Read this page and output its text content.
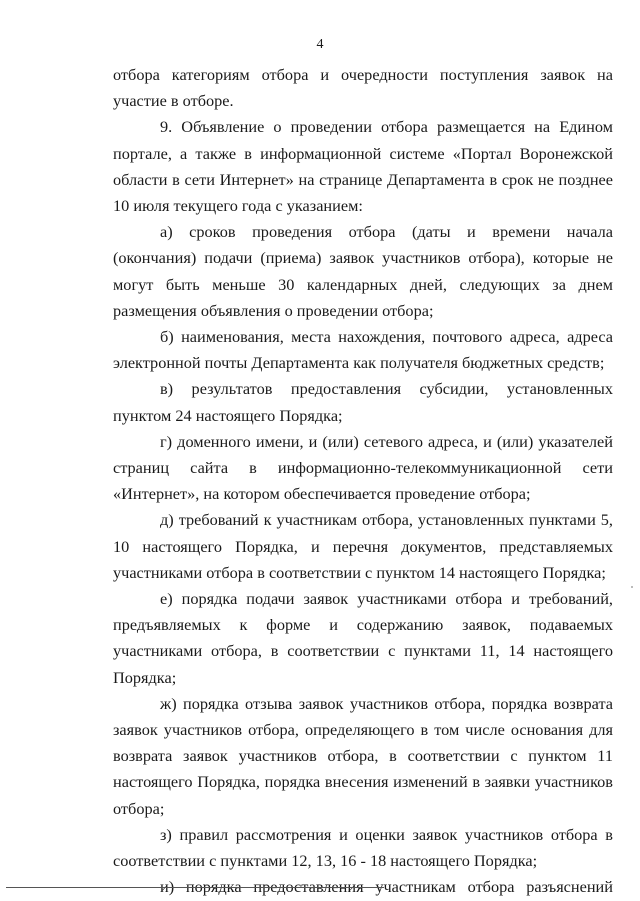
4

отбора категориям отбора и очередности поступления заявок на участие в отборе.

9. Объявление о проведении отбора размещается на Едином портале, а также в информационной системе «Портал Воронежской области в сети Интернет» на странице Департамента в срок не позднее 10 июля текущего года с указанием:

а) сроков проведения отбора (даты и времени начала (окончания) подачи (приема) заявок участников отбора), которые не могут быть меньше 30 календарных дней, следующих за днем размещения объявления о проведении отбора;

б) наименования, места нахождения, почтового адреса, адреса электронной почты Департамента как получателя бюджетных средств;

в) результатов предоставления субсидии, установленных пунктом 24 настоящего Порядка;

г) доменного имени, и (или) сетевого адреса, и (или) указателей страниц сайта в информационно-телекоммуникационной сети «Интернет», на котором обеспечивается проведение отбора;

д) требований к участникам отбора, установленных пунктами 5, 10 настоящего Порядка, и перечня документов, представляемых участниками отбора в соответствии с пунктом 14 настоящего Порядка;

е) порядка подачи заявок участниками отбора и требований, предъявляемых к форме и содержанию заявок, подаваемых участниками отбора, в соответствии с пунктами 11, 14 настоящего Порядка;

ж) порядка отзыва заявок участников отбора, порядка возврата заявок участников отбора, определяющего в том числе основания для возврата заявок участников отбора, в соответствии с пунктом 11 настоящего Порядка, порядка внесения изменений в заявки участников отбора;

з) правил рассмотрения и оценки заявок участников отбора в соответствии с пунктами 12, 13, 16 - 18 настоящего Порядка;

и) порядка предоставления участникам отбора разъяснений
